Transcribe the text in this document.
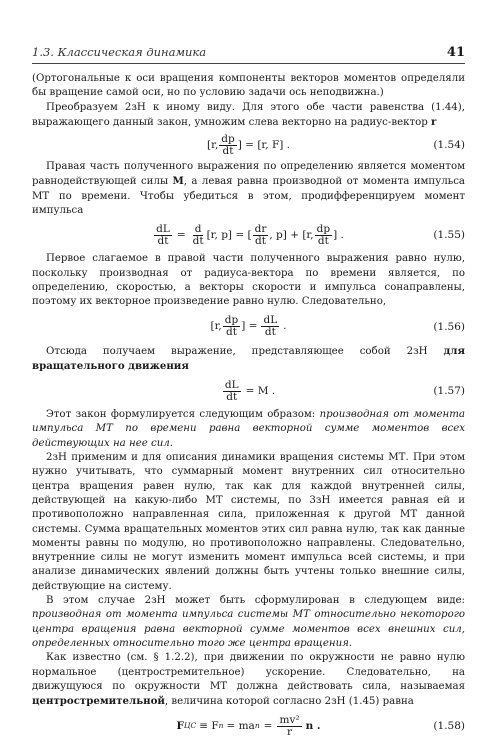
1.3. Классическая динамика	41

(Ортогональные к оси вращения компоненты векторов моментов определяли бы вращение самой оси, но по условию задачи ось неподвижна.)

Преобразуем 2зН к иному виду. Для этого обе части равенства (1.44), выражающего данный закон, умножим слева векторно на радиус-вектор r

[r, $\frac{dp}{dt}$ ] = [r, F] .	(1.54)

Правая часть полученного выражения по определению является моментом равнодействующей силы M, а левая равна производной от момента импульса МТ по времени. Чтобы убедиться в этом, продифференцируем момент импульса

$\frac{dL}{dt} = \frac{d}{dt} [r$, p] = [ $\frac{dr}{dt}$ , p] + [r, $\frac{dp}{dt}$ ] .	(1.55)

Первое слагаемое в правой части полученного выражения равно нулю, поскольку производная от радиуса-вектора по времени является, по определению, скоростью, а векторы скорости и импульса сонаправлены, поэтому их векторное произведение равно нулю. Следовательно,

[r, $\frac{dp}{dt}$ ] = $\frac{dL}{dt}$ .	(1.56)

Отсюда получаем выражение, представляющее собой 2зН для вращательного движения

$\frac{dL}{dt} = M$ .	(1.57)

Этот закон формулируется следующим образом: производная от момента импульса МТ по времени равна векторной сумме моментов всех действующих на нее сил.

2зН применим и для описания динамики вращения системы МТ. При этом нужно учитывать, что суммарный момент внутренних сил относительно центра вращения равен нулю, так как для каждой внутренней силы, действующей на какую-либо МТ системы, по 3зН имеется равная ей и противоположно направленная сила, приложенная к другой МТ данной системы. Сумма вращательных моментов этих сил равна нулю, так как данные моменты равны по модулю, но противоположно направлены. Следовательно, внутренние силы не могут изменить момент импульса всей системы, и при анализе динамических явлений должны быть учтены только внешние силы, действующие на систему.

В этом случае 2зН может быть сформулирован в следующем виде: производная от момента импульса системы МТ относительно некоторого центра вращения равна векторной сумме моментов всех внешних сил, определенных относительно того же центра вращения.

Как известно (см. § 1.2.2), при движении по окружности не равно нулю нормальное (центростремительное) ускорение. Следовательно, на движущуюся по окружности МТ должна действовать сила, называемая центростремительной, величина которой согласно 2зН (1.45) равна

F ЦС ≡ F n = ma $n = \frac{\text{mv²}}{r}$ n .	(1.58)
